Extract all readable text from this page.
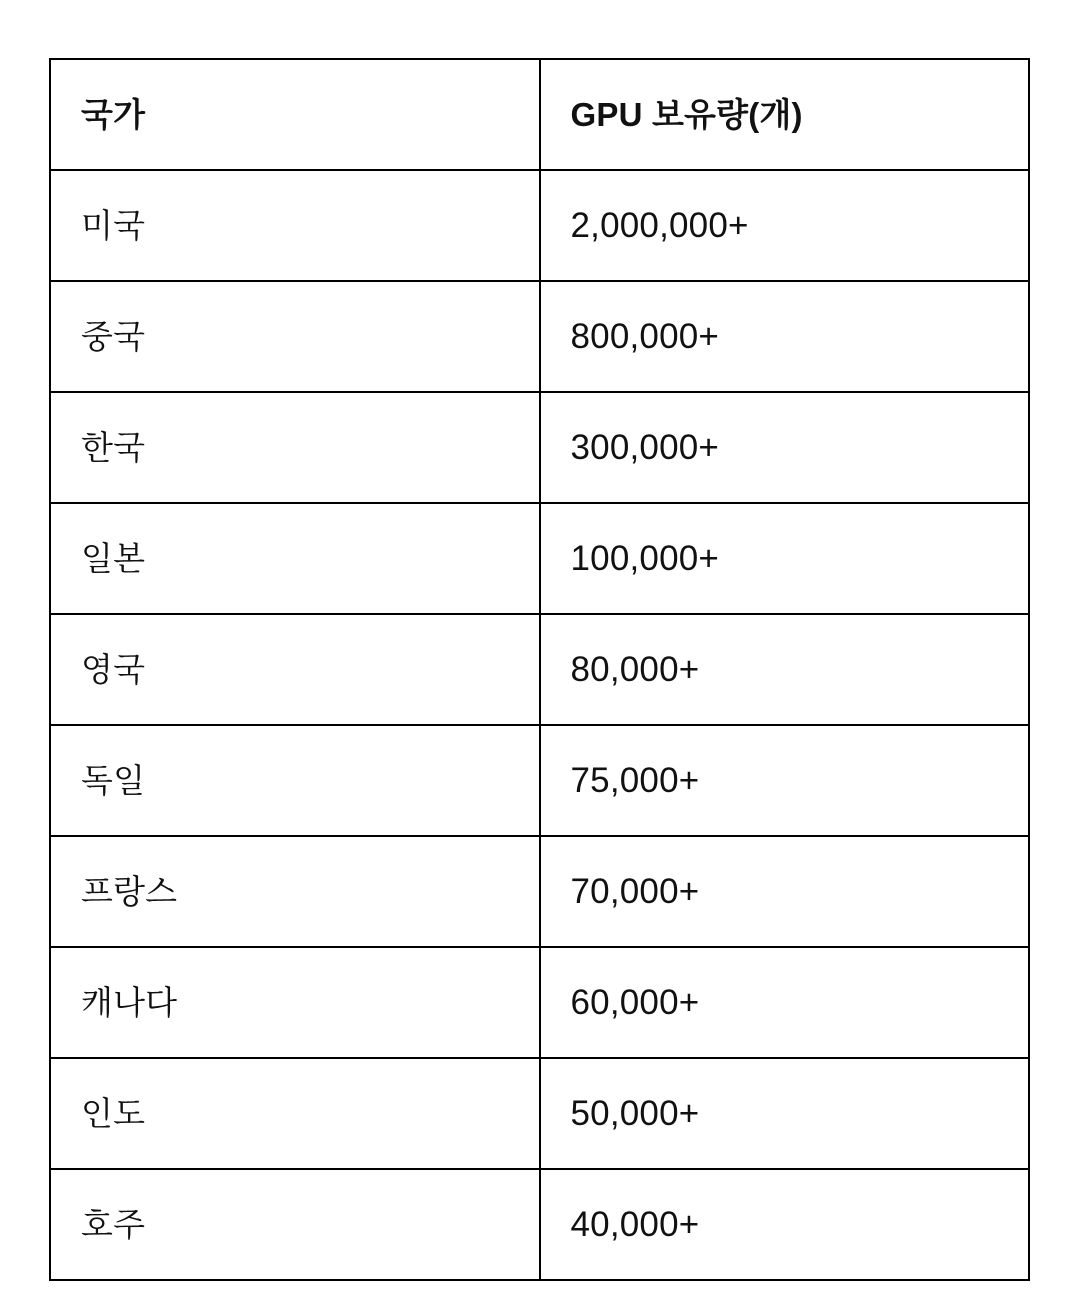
국가	GPU 보유량(개)
미국	2,000,000+
중국	800,000+
한국	300,000+
일본	100,000+
영국	80,000+
독일	75,000+
프랑스	70,000+
캐나다	60,000+
인도	50,000+
호주	40,000+
